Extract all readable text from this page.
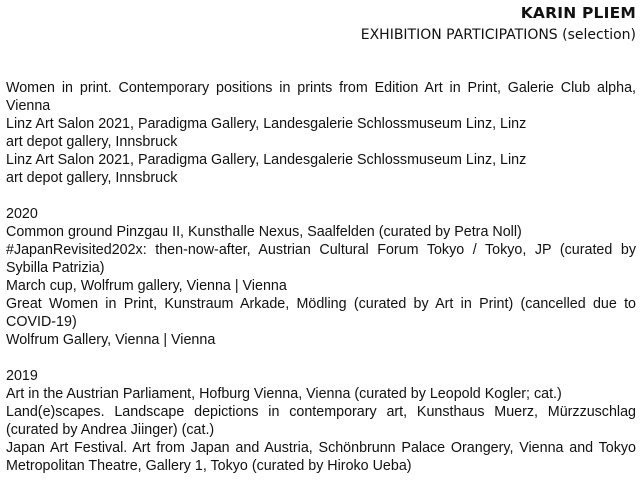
KARIN PLIEM
EXHIBITION PARTICIPATIONS (selection)
Women in print. Contemporary positions in prints from Edition Art in Print, Galerie Club alpha, Vienna
Linz Art Salon 2021, Paradigma Gallery, Landesgalerie Schlossmuseum Linz, Linz
art depot gallery, Innsbruck
Linz Art Salon 2021, Paradigma Gallery, Landesgalerie Schlossmuseum Linz, Linz
art depot gallery, Innsbruck
2020
Common ground Pinzgau II, Kunsthalle Nexus, Saalfelden (curated by Petra Noll)
#JapanRevisited202x: then-now-after, Austrian Cultural Forum Tokyo / Tokyo, JP (curated by Sybilla Patrizia)
March cup, Wolfrum gallery, Vienna | Vienna
Great Women in Print, Kunstraum Arkade, Mödling (curated by Art in Print) (cancelled due to COVID-19)
Wolfrum Gallery, Vienna | Vienna
2019
Art in the Austrian Parliament, Hofburg Vienna, Vienna (curated by Leopold Kogler; cat.)
Land(e)scapes. Landscape depictions in contemporary art, Kunsthaus Muerz, Mürzzuschlag (curated by Andrea Jiinger) (cat.)
Japan Art Festival. Art from Japan and Austria, Schönbrunn Palace Orangery, Vienna and Tokyo Metropolitan Theatre, Gallery 1, Tokyo (curated by Hiroko Ueba)
